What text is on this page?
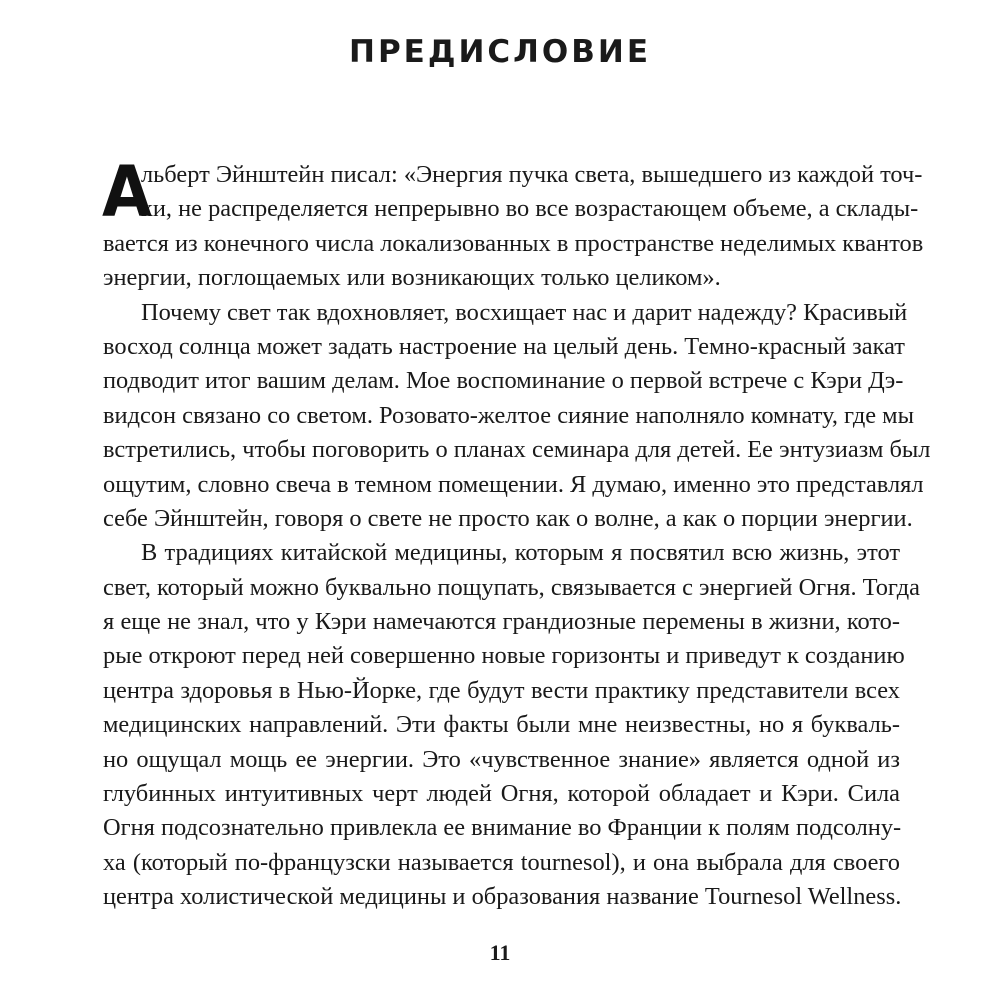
ПРЕДИСЛОВИЕ
А
льберт Эйнштейн писал: «Энергия пучка света, вышедшего из каждой точ-
ки, не распределяется непрерывно во все возрастающем объеме, а склады-
вается из конечного числа локализованных в пространстве неделимых квантов
энергии, поглощаемых или возникающих только целиком».
Почему свет так вдохновляет, восхищает нас и дарит надежду? Красивый
восход солнца может задать настроение на целый день. Темно-красный закат
подводит итог вашим делам. Мое воспоминание о первой встрече с Кэри Дэ-
видсон связано со светом. Розовато-желтое сияние наполняло комнату, где мы
встретились, чтобы поговорить о планах семинара для детей. Ее энтузиазм был
ощутим, словно свеча в темном помещении. Я думаю, именно это представлял
себе Эйнштейн, говоря о свете не просто как о волне, а как о порции энергии.
В традициях китайской медицины, которым я посвятил всю жизнь, этот
свет, который можно буквально пощупать, связывается с энергией Огня. Тогда
я еще не знал, что у Кэри намечаются грандиозные перемены в жизни, кото-
рые откроют перед ней совершенно новые горизонты и приведут к созданию
центра здоровья в Нью-Йорке, где будут вести практику представители всех
медицинских направлений. Эти факты были мне неизвестны, но я букваль-
но ощущал мощь ее энергии. Это «чувственное знание» является одной из
глубинных интуитивных черт людей Огня, которой обладает и Кэри. Сила
Огня подсознательно привлекла ее внимание во Франции к полям подсолну-
ха (который по-французски называется tournesol), и она выбрала для своего
центра холистической медицины и образования название Tournesol Wellness.
11
